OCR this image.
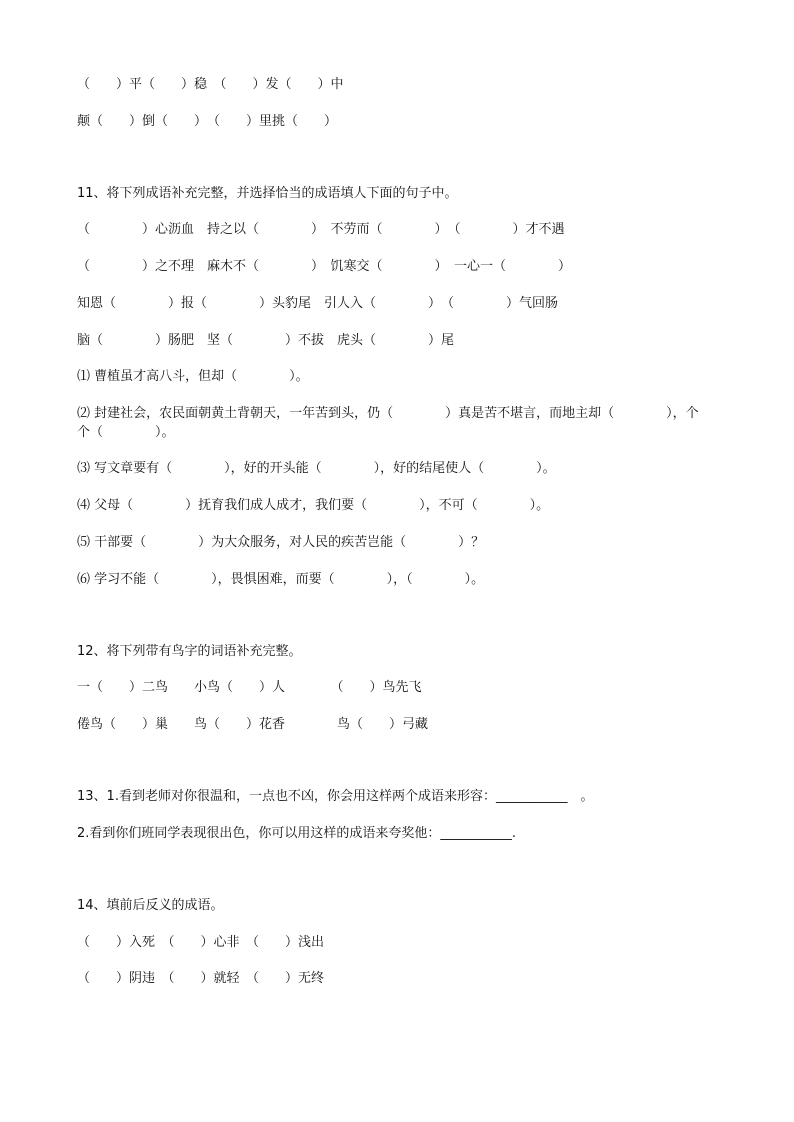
（　　）平（　　）稳　（　　）发（　　）中
颠（　　）倒（　　）　（　　）里挑（　　）
11、将下列成语补充完整，并选择恰当的成语填人下面的句子中。
（　　　　）心沥血　持之以（　　　　）　不劳而（　　　　）　（　　　　）才不遇
（　　　　）之不理　麻木不（　　　　）　饥寒交（　　　　）　一心一（　　　　）
知恩（　　　　）报（　　　　）头豹尾　引人入（　　　　）　（　　　　）气回肠
脑（　　　　）肠肥　坚（　　　　）不拔　虎头（　　　　）尾
⑴ 曹植虽才高八斗，但却（　　　　）。
⑵ 封建社会，农民面朝黄土背朝天，一年苦到头，仍（　　　　）真是苦不堪言，而地主却（　　　　），个
个（　　　　）。
⑶ 写文章要有（　　　　），好的开头能（　　　　），好的结尾使人（　　　　）。
⑷ 父母（　　　　）抚育我们成人成才，我们要（　　　　），不可（　　　　）。
⑸ 干部要（　　　　）为大众服务，对人民的疾苦岂能（　　　　）？
⑹ 学习不能（　　　　），畏惧困难，而要（　　　　），（　　　　）。
12、将下列带有鸟字的词语补充完整。
一（　　）二鸟　　小鸟（　　）人　　　　（　　）鸟先飞
倦鸟（　　）巢　　鸟（　　）花香　　　　鸟（　　）弓藏
13、1.看到老师对你很温和，一点也不凶，你会用这样两个成语来形容：___________　。
2.看到你们班同学表现很出色，你可以用这样的成语来夸奖他：___________.
14、填前后反义的成语。
（　　）入死　（　　）心非　（　　）浅出
（　　）阴违　（　　）就轻　（　　）无终
